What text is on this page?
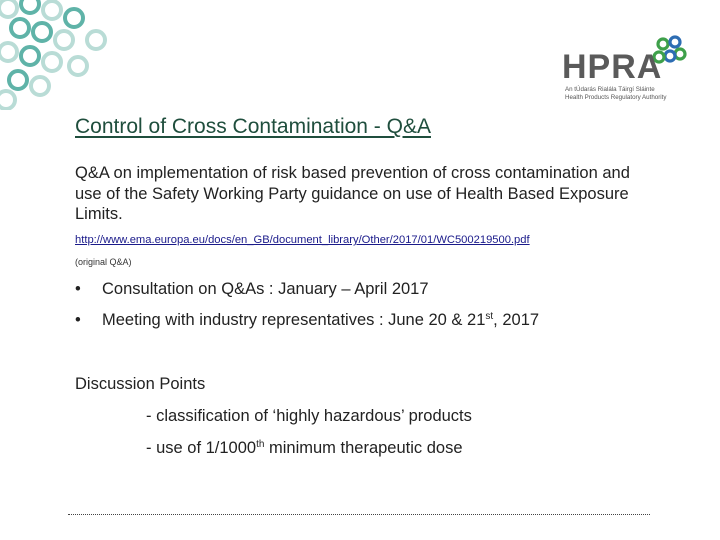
HPRA
An tÚdarás Rialála Táirgí Sláinte
Health Products Regulatory Authority
Control of Cross Contamination - Q&A
Q&A on implementation of risk based prevention of cross contamination and use of the Safety Working Party guidance on use of Health Based Exposure Limits.
http://www.ema.europa.eu/docs/en_GB/document_library/Other/2017/01/WC500219500.pdf
(original Q&A)
• Consultation on Q&As : January – April 2017
• Meeting with industry representatives : June 20 & 21st, 2017
Discussion Points
- classification of ‘highly hazardous’ products
- use of 1/1000th minimum therapeutic dose
